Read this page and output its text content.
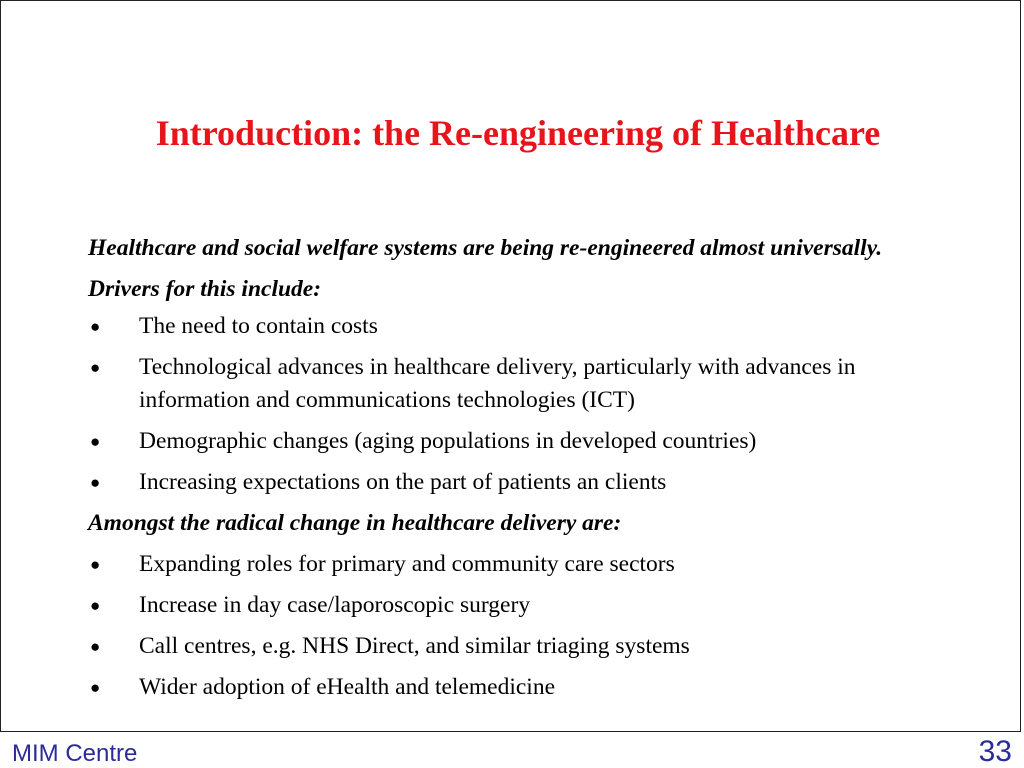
Introduction: the Re-engineering of Healthcare

Healthcare and social welfare systems are being re-engineered almost universally. Drivers for this include:

● The need to contain costs
● Technological advances in healthcare delivery, particularly with advances in information and communications technologies (ICT)
● Demographic changes (aging populations in developed countries)
● Increasing expectations on the part of patients an clients

Amongst the radical change in healthcare delivery are:

● Expanding roles for primary and community care sectors
● Increase in day case/laporoscopic surgery
● Call centres, e.g. NHS Direct, and similar triaging systems
● Wider adoption of eHealth and telemedicine
MIM Centre	33
